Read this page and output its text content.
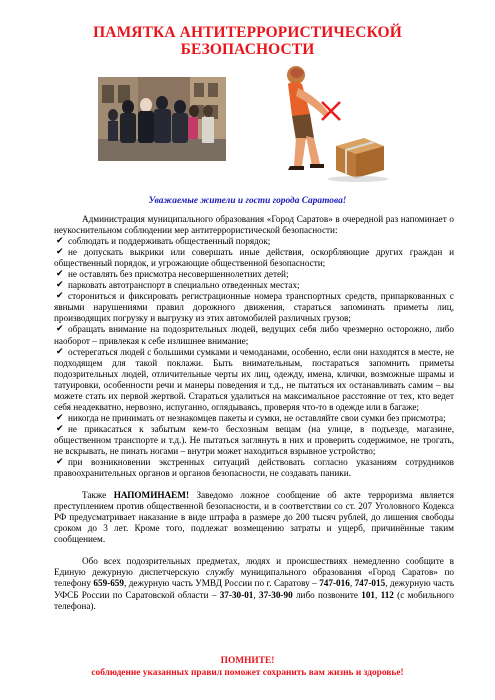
ПАМЯТКА АНТИТЕРРОРИСТИЧЕСКОЙ
БЕЗОПАСНОСТИ
Уважаемые жители и гости города Саратова!

Администрация муниципального образования «Город Саратов» в очередной раз напоминает о неукоснительном соблюдении мер антитеррористической безопасности:

✔ соблюдать и поддерживать общественный порядок;

✔ не допускать выкрики или совершать иные действия, оскорбляющие других граждан и общественный порядок, и угрожающие общественной безопасности;

✔ не оставлять без присмотра несовершеннолетних детей;

✔ парковать автотранспорт в специально отведенных местах;

✔ сторониться и фиксировать регистрационные номера транспортных средств, припаркованных с явными нарушениями правил дорожного движения, стараться запоминать приметы лиц, производящих погрузку и выгрузку из этих автомобилей различных грузов;

✔ обращать внимание на подозрительных людей, ведущих себя либо чрезмерно осторожно, либо наоборот – привлекая к себе излишнее внимание;

✔ остерегаться людей с большими сумками и чемоданами, особенно, если они находятся в месте, не подходящем для такой поклажи. Быть внимательным, постараться запомнить приметы подозрительных людей, отличительные черты их лиц, одежду, имена, клички, возможные шрамы и татуировки, особенности речи и манеры поведения и т.д., не пытаться их останавливать самим – вы можете стать их первой жертвой. Стараться удалиться на максимальное расстояние от тех, кто ведет себя неадекватно, нервозно, испуганно, оглядываясь, проверяя что-то в одежде или в багаже;

✔ никогда не принимать от незнакомцев пакеты и сумки, не оставляйте свои сумки без присмотра;

✔ не прикасаться к забытым кем-то бесхозным вещам (на улице, в подъезде, магазине, общественном транспорте и т.д.). Не пытаться заглянуть в них и проверить содержимое, не трогать, не вскрывать, не пинать ногами – внутри может находиться взрывное устройство;

✔ при возникновении экстренных ситуаций действовать согласно указаниям сотрудников правоохранительных органов и органов безопасности, не создавать паники.

Также НАПОМИНАЕМ! Заведомо ложное сообщение об акте терроризма является преступлением против общественной безопасности, и в соответствии со ст. 207 Уголовного Кодекса РФ предусматривает наказание в виде штрафа в размере до 200 тысяч рублей, до лишения свободы сроком до 3 лет. Кроме того, подлежат возмещению затраты и ущерб, причинённые таким сообщением.

Обо всех подозрительных предметах, людях и происшествиях немедленно сообщите в Единую дежурную диспетчерскую службу муниципального образования «Город Саратов» по телефону 659-659, дежурную часть УМВД России по г. Саратову – 747-016, 747-015, дежурную часть УФСБ России по Саратовской области – 37-30-01, 37-30-90 либо позвоните 101, 112 (с мобильного телефона).

ПОМНИТЕ!
соблюдение указанных правил поможет сохранить вам жизнь и здоровье!
